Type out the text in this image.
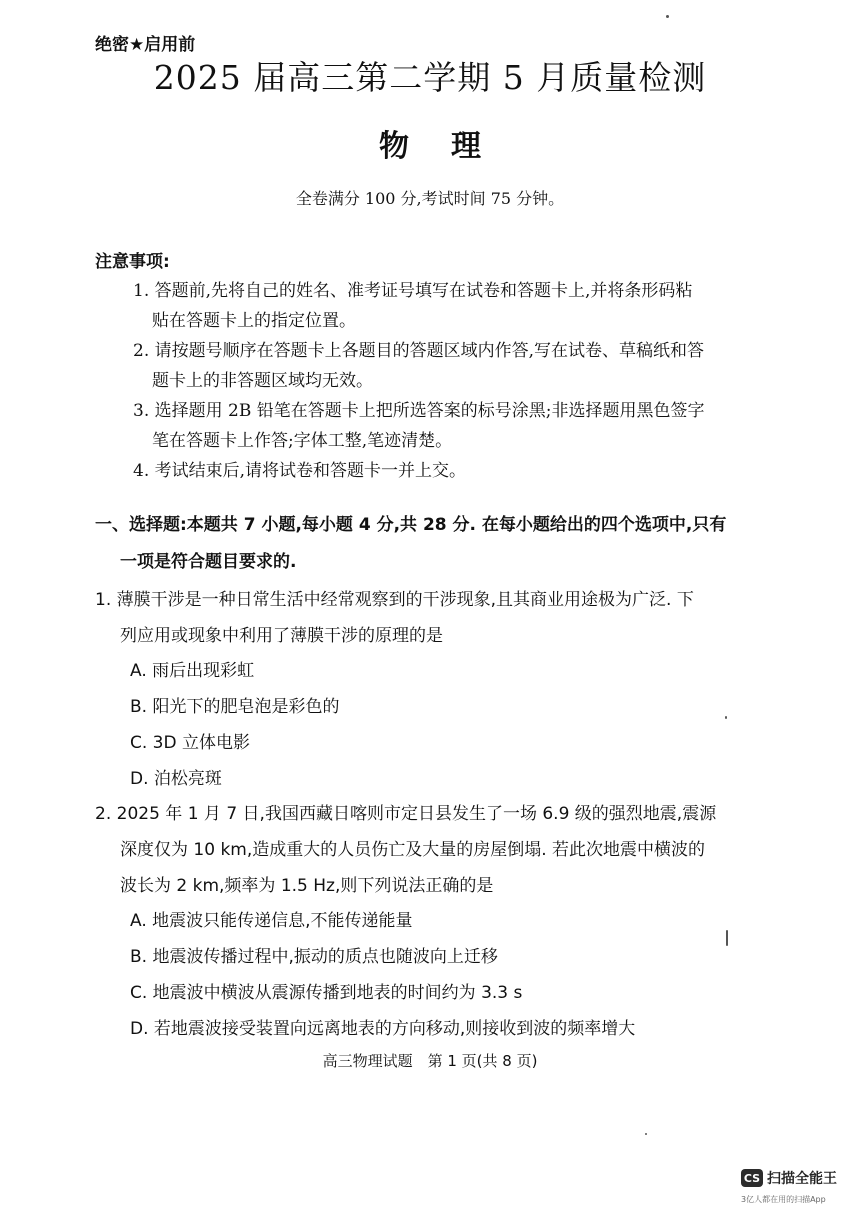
绝密★启用前
2025 届高三第二学期 5 月质量检测
物理
全卷满分 100 分,考试时间 75 分钟。
注意事项:
1. 答题前,先将自己的姓名、准考证号填写在试卷和答题卡上,并将条形码粘
贴在答题卡上的指定位置。
2. 请按题号顺序在答题卡上各题目的答题区域内作答,写在试卷、草稿纸和答
题卡上的非答题区域均无效。
3. 选择题用 2B 铅笔在答题卡上把所选答案的标号涂黑;非选择题用黑色签字
笔在答题卡上作答;字体工整,笔迹清楚。
4. 考试结束后,请将试卷和答题卡一并上交。
一、选择题:本题共 7 小题,每小题 4 分,共 28 分. 在每小题给出的四个选项中,只有
一项是符合题目要求的.
1. 薄膜干涉是一种日常生活中经常观察到的干涉现象,且其商业用途极为广泛. 下
列应用或现象中利用了薄膜干涉的原理的是
A. 雨后出现彩虹
B. 阳光下的肥皂泡是彩色的
C. 3D 立体电影
D. 泊松亮斑
2. 2025 年 1 月 7 日,我国西藏日喀则市定日县发生了一场 6.9 级的强烈地震,震源
深度仅为 10 km,造成重大的人员伤亡及大量的房屋倒塌. 若此次地震中横波的
波长为 2 km,频率为 1.5 Hz,则下列说法正确的是
A. 地震波只能传递信息,不能传递能量
B. 地震波传播过程中,振动的质点也随波向上迁移
C. 地震波中横波从震源传播到地表的时间约为 3.3 s
D. 若地震波接受装置向远离地表的方向移动,则接收到波的频率增大
高三物理试题　第 1 页(共 8 页)
CS 扫描全能王
3亿人都在用的扫描App
